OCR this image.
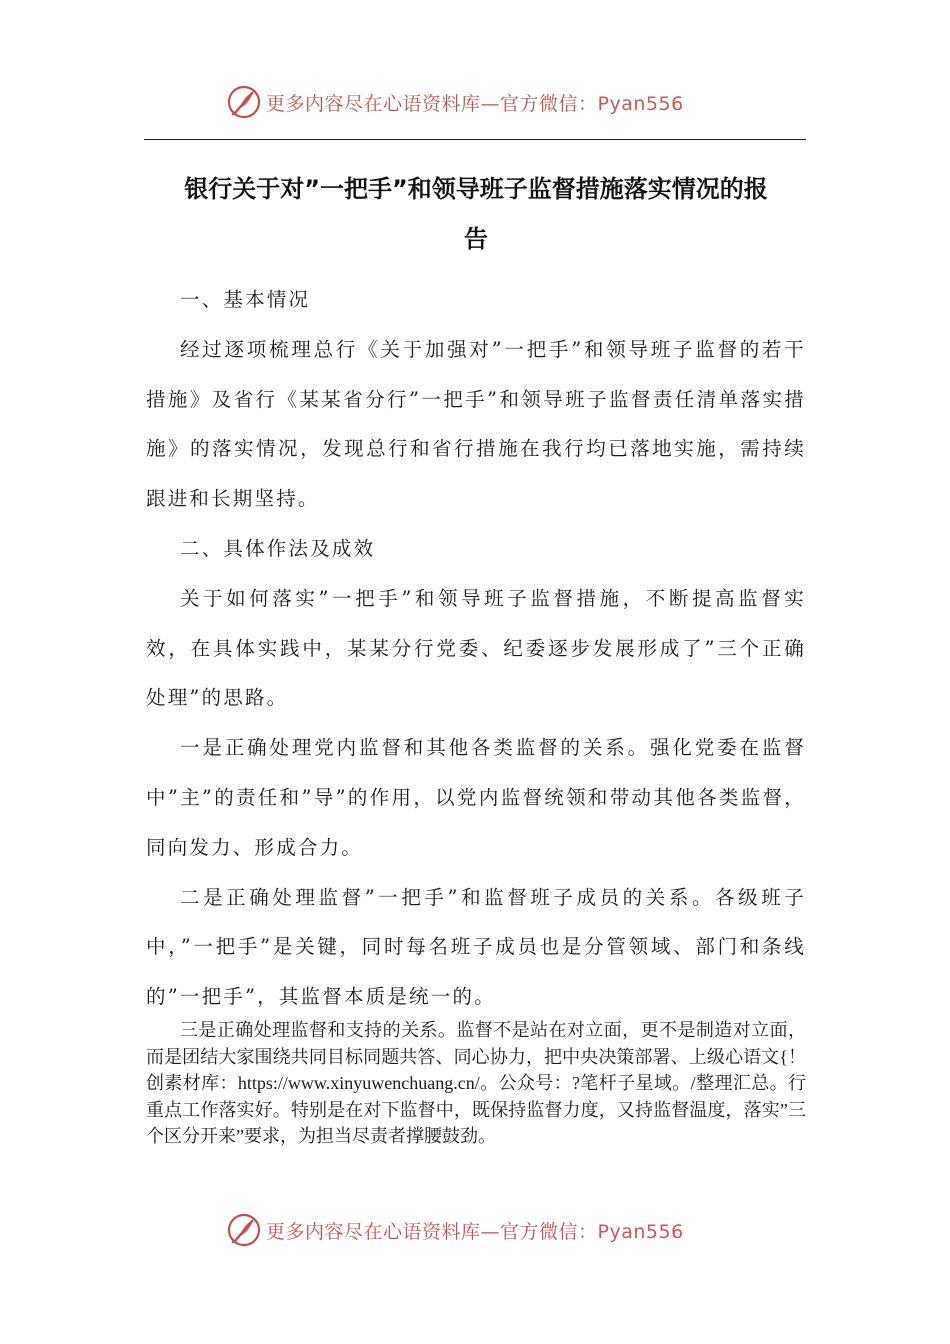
更多内容尽在心语资料库—官方微信：Pyan556
银行关于对”一把手”和领导班子监督措施落实情况的报
告

一、基本情况

经过逐项梳理总行《关于加强对”一把手”和领导班子监督的若干措施》及省行《某某省分行”一把手”和领导班子监督责任清单落实措施》的落实情况，发现总行和省行措施在我行均已落地实施，需持续跟进和长期坚持。

二、具体作法及成效

关于如何落实”一把手”和领导班子监督措施，不断提高监督实效，在具体实践中，某某分行党委、纪委逐步发展形成了”三个正确处理”的思路。

一是正确处理党内监督和其他各类监督的关系。强化党委在监督中”主”的责任和”导”的作用，以党内监督统领和带动其他各类监督，同向发力、形成合力。

二是正确处理监督”一把手”和监督班子成员的关系。各级班子中，”一把手”是关键，同时每名班子成员也是分管领域、部门和条线的”一把手”，其监督本质是统一的。

三是正确处理监督和支持的关系。监督不是站在对立面，更不是制造对立面，而是团结大家围绕共同目标同题共答、同心协力，把中央决策部署、上级心语文{！创素材库：https://www.xinyuwenchuang.cn/。公众号：?笔杆子星域。/整理汇总。行重点工作落实好。特别是在对下监督中，既保持监督力度，又持监督温度，落实”三个区分开来”要求，为担当尽责者撑腰鼓劲。

更多内容尽在心语资料库—官方微信：Pyan556
